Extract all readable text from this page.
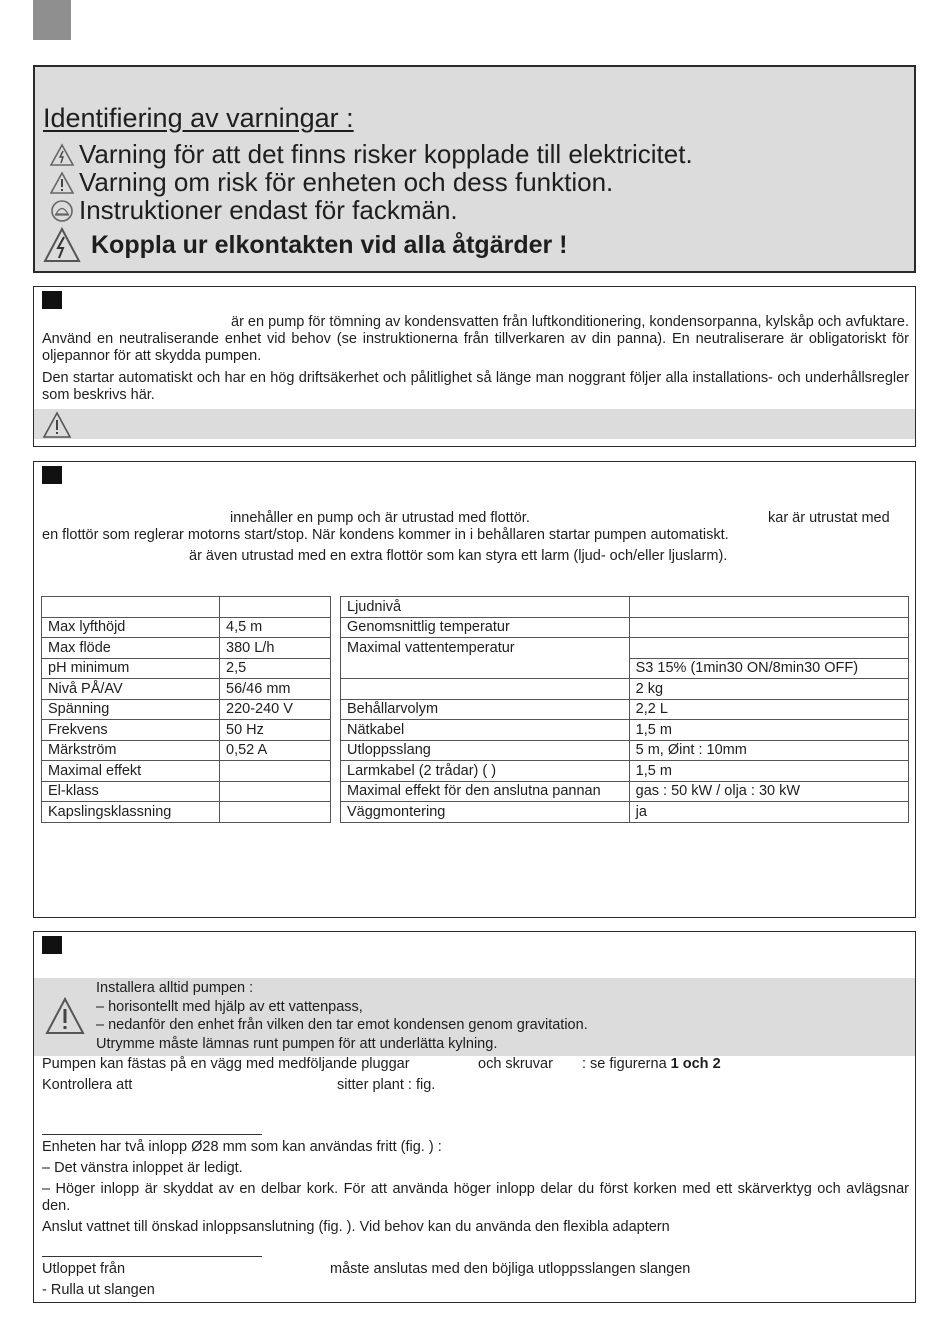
Identifiering av varningar :
Varning för att det finns risker kopplade till elektricitet.
Varning om risk för enheten och dess funktion.
Instruktioner endast för fackmän.
Koppla ur elkontakten vid alla åtgärder !
är en pump för tömning av kondensvatten från luftkonditionering, kondensorpanna, kylskåp och avfuktare. Använd en neutraliserande enhet vid behov (se instruktionerna från tillverkaren av din panna). En neutraliserare är obligatoriskt för oljepannor för att skydda pumpen.
Den startar automatiskt och har en hög driftsäkerhet och pålitlighet så länge man noggrant följer alla installations- och underhållsregler som beskrivs här.
innehåller en pump och är utrustad med flottör.	kar är utrustat med
en flottör som reglerar motorns start/stop. När kondens kommer in i behållaren startar pumpen automatiskt.
är även utrustad med en extra flottör som kan styra ett larm (ljud- och/eller ljuslarm).

Max lyfthöjd	4,5 m
Max flöde	380 L/h
pH minimum	2,5
Nivå PÅ/AV	56/46 mm
Spänning	220-240 V
Frekvens	50 Hz
Märkström	0,52 A
Maximal effekt	
El-klass	
Kapslingsklassning	
Ljudnivå	
Genomsnittlig temperatur	
Maximal vattentemperatur	
	S3 15% (1min30 ON/8min30 OFF)
	2 kg
Behållarvolym	2,2 L
Nätkabel	1,5 m
Utloppsslang	5 m, Øint : 10mm
Larmkabel (2 trådar) ( )	1,5 m
Maximal effekt för den anslutna pannan	gas : 50 kW / olja : 30 kW
Väggmontering	ja
Installera alltid pumpen :
– horisontellt med hjälp av ett vattenpass,
– nedanför den enhet från vilken den tar emot kondensen genom gravitation.
Utrymme måste lämnas runt pumpen för att underlätta kylning.
Pumpen kan fästas på en vägg med medföljande pluggar	och skruvar : se figurerna 1 och 2
Kontrollera att	sitter plant : fig.
Enheten har två inlopp Ø28 mm som kan användas fritt (fig. ) :
– Det vänstra inloppet är ledigt.
– Höger inlopp är skyddat av en delbar kork. För att använda höger inlopp delar du först korken med ett skärverktyg och avlägsnar den.
Anslut vattnet till önskad inloppsanslutning (fig. ). Vid behov kan du använda den flexibla adaptern
Utloppet från	måste anslutas med den böjliga utloppsslangen slangen
- Rulla ut slangen
